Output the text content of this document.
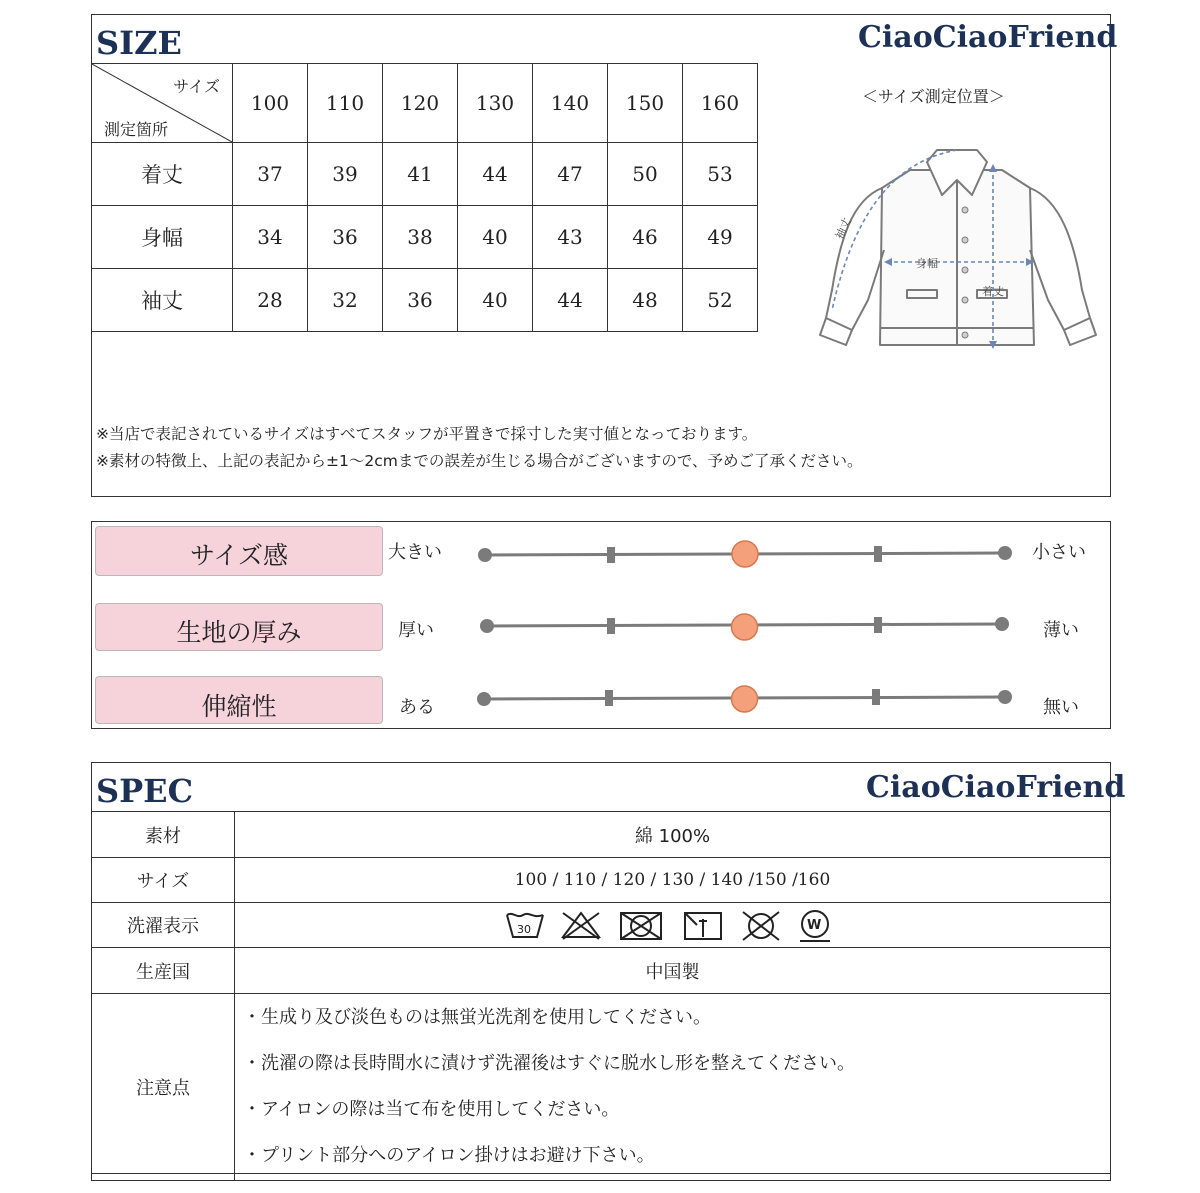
SIZE	CiaoCiaoFriend
サイズ
測定箇所	100	110	120	130	140	150	160
着丈	37	39	41	44	47	50	53
身幅	34	36	38	40	43	46	49
袖丈	28	32	36	40	44	48	52
＜サイズ測定位置＞
袖丈
身幅
着丈
※当店で表記されているサイズはすべてスタッフが平置きで採寸した実寸値となっております。
※素材の特徴上、上記の表記から±1～2cmまでの誤差が生じる場合がございますので、予めご了承ください。
サイズ感	大きい	小さい
生地の厚み	厚い	薄い
伸縮性	ある	無い
SPEC	CiaoCiaoFriend
素材	綿 100%
サイズ	100 / 110 / 120 / 130 / 140 /150 /160
洗濯表示	30 W

生産国	中国製
注意点	・生成り及び淡色ものは無蛍光洗剤を使用してください。
・洗濯の際は長時間水に漬けず洗濯後はすぐに脱水し形を整えてください。
・アイロンの際は当て布を使用してください。
・プリント部分へのアイロン掛けはお避け下さい。
